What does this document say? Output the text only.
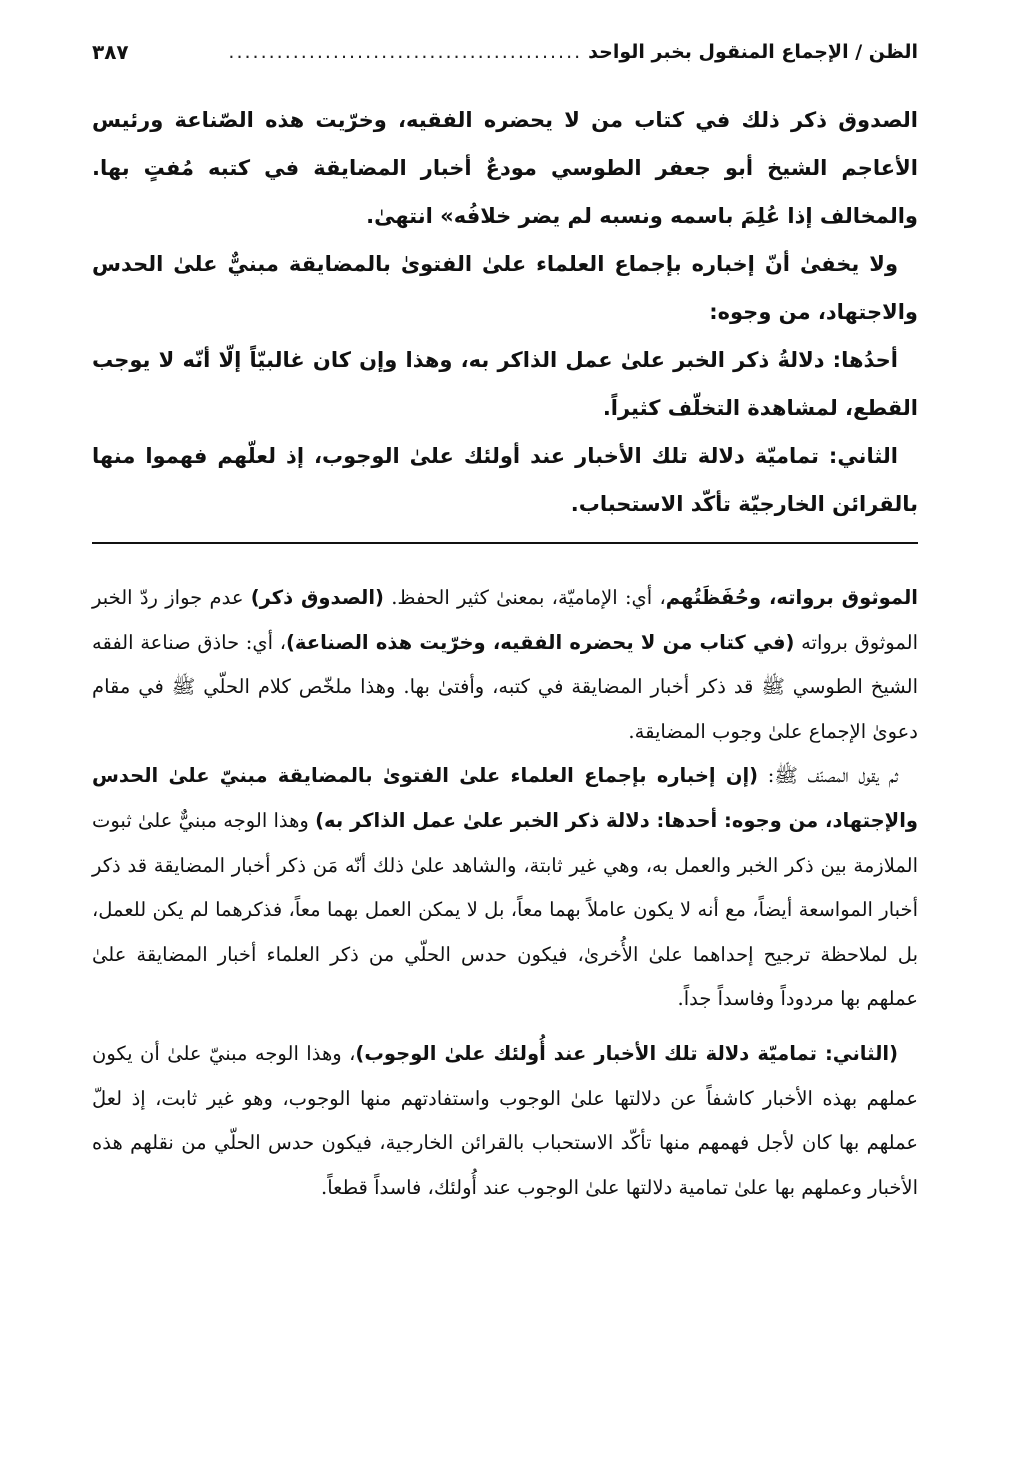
الظن / الإجماع المنقول بخبر الواحد
............................................
٣٨٧

الصدوق ذكر ذلك في كتاب من لا يحضره الفقيه، وخرّيت هذه الصّناعة ورئيس الأعاجم الشيخ أبو جعفر الطوسي مودعٌ أخبار المضايقة في كتبه مُفتٍ بها. والمخالف إذا عُلِمَ باسمه ونسبه لم يضر خلافُه» انتهىٰ.

ولا يخفىٰ أنّ إخباره بإجماع العلماء علىٰ الفتوىٰ بالمضايقة مبنيٌّ علىٰ الحدس والاجتهاد، من وجوه:

أحدُها: دلالةُ ذكر الخبر علىٰ عمل الذاكر به، وهذا وإن كان غالبيّاً إلّا أنّه لا يوجب القطع، لمشاهدة التخلّف كثيراً.

الثاني: تماميّة دلالة تلك الأخبار عند أولئك علىٰ الوجوب، إذ لعلّهم فهموا منها بالقرائن الخارجيّة تأكّد الاستحباب.

الموثوق برواته، وحُفَظَتُهم، أي: الإماميّة، بمعنىٰ كثير الحفظ. (الصدوق ذكر) عدم جواز ردّ الخبر الموثوق برواته (في كتاب من لا يحضره الفقيه، وخرّيت هذه الصناعة)، أي: حاذق صناعة الفقه الشيخ الطوسي ﷺ قد ذكر أخبار المضايقة في كتبه، وأفتىٰ بها. وهذا ملخّص كلام الحلّي ﷺ في مقام دعوىٰ الإجماع علىٰ وجوب المضايقة.

ثم يقول المصنّف ﷺ: (إن إخباره بإجماع العلماء علىٰ الفتوىٰ بالمضايقة مبنيّ علىٰ الحدس والإجتهاد، من وجوه: أحدها: دلالة ذكر الخبر علىٰ عمل الذاكر به) وهذا الوجه مبنيٌّ علىٰ ثبوت الملازمة بين ذكر الخبر والعمل به، وهي غير ثابتة، والشاهد علىٰ ذلك أنّه مَن ذكر أخبار المضايقة قد ذكر أخبار المواسعة أيضاً، مع أنه لا يكون عاملاً بهما معاً، بل لا يمكن العمل بهما معاً، فذكرهما لم يكن للعمل، بل لملاحظة ترجيح إحداهما علىٰ الأُخرىٰ، فيكون حدس الحلّي من ذكر العلماء أخبار المضايقة علىٰ عملهم بها مردوداً وفاسداً جداً.

(الثاني: تماميّة دلالة تلك الأخبار عند أُولئك علىٰ الوجوب)، وهذا الوجه مبنيّ علىٰ أن يكون عملهم بهذه الأخبار كاشفاً عن دلالتها علىٰ الوجوب واستفادتهم منها الوجوب، وهو غير ثابت، إذ لعلّ عملهم بها كان لأجل فهمهم منها تأكّد الاستحباب بالقرائن الخارجية، فيكون حدس الحلّي من نقلهم هذه الأخبار وعملهم بها علىٰ تمامية دلالتها علىٰ الوجوب عند أُولئك، فاسداً قطعاً.
